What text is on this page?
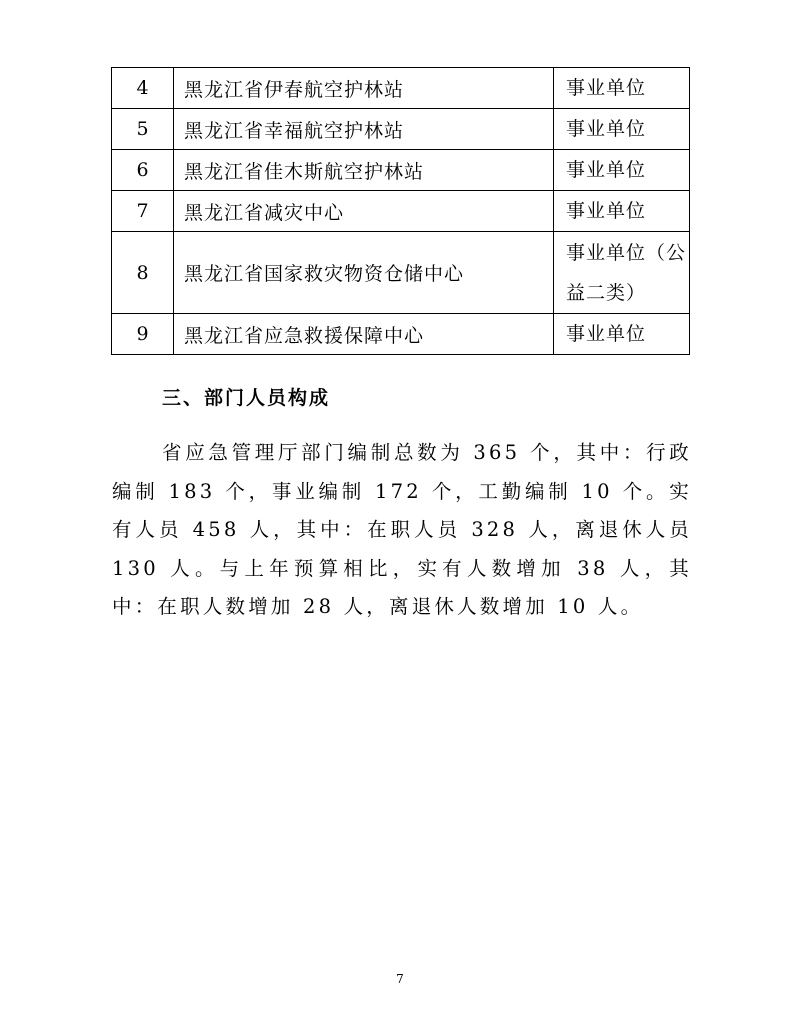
4	黑龙江省伊春航空护林站	事业单位
5	黑龙江省幸福航空护林站	事业单位
6	黑龙江省佳木斯航空护林站	事业单位
7	黑龙江省减灾中心	事业单位
8	黑龙江省国家救灾物资仓储中心	事业单位（公益二类）
9	黑龙江省应急救援保障中心	事业单位
三、部门人员构成

省应急管理厅部门编制总数为 365 个，其中：行政编制 183 个，事业编制 172 个，工勤编制 10 个。实有人员 458 人，其中：在职人员 328 人，离退休人员 130 人。与上年预算相比，实有人数增加 38 人，其中：在职人数增加 28 人，离退休人数增加 10 人。

7
